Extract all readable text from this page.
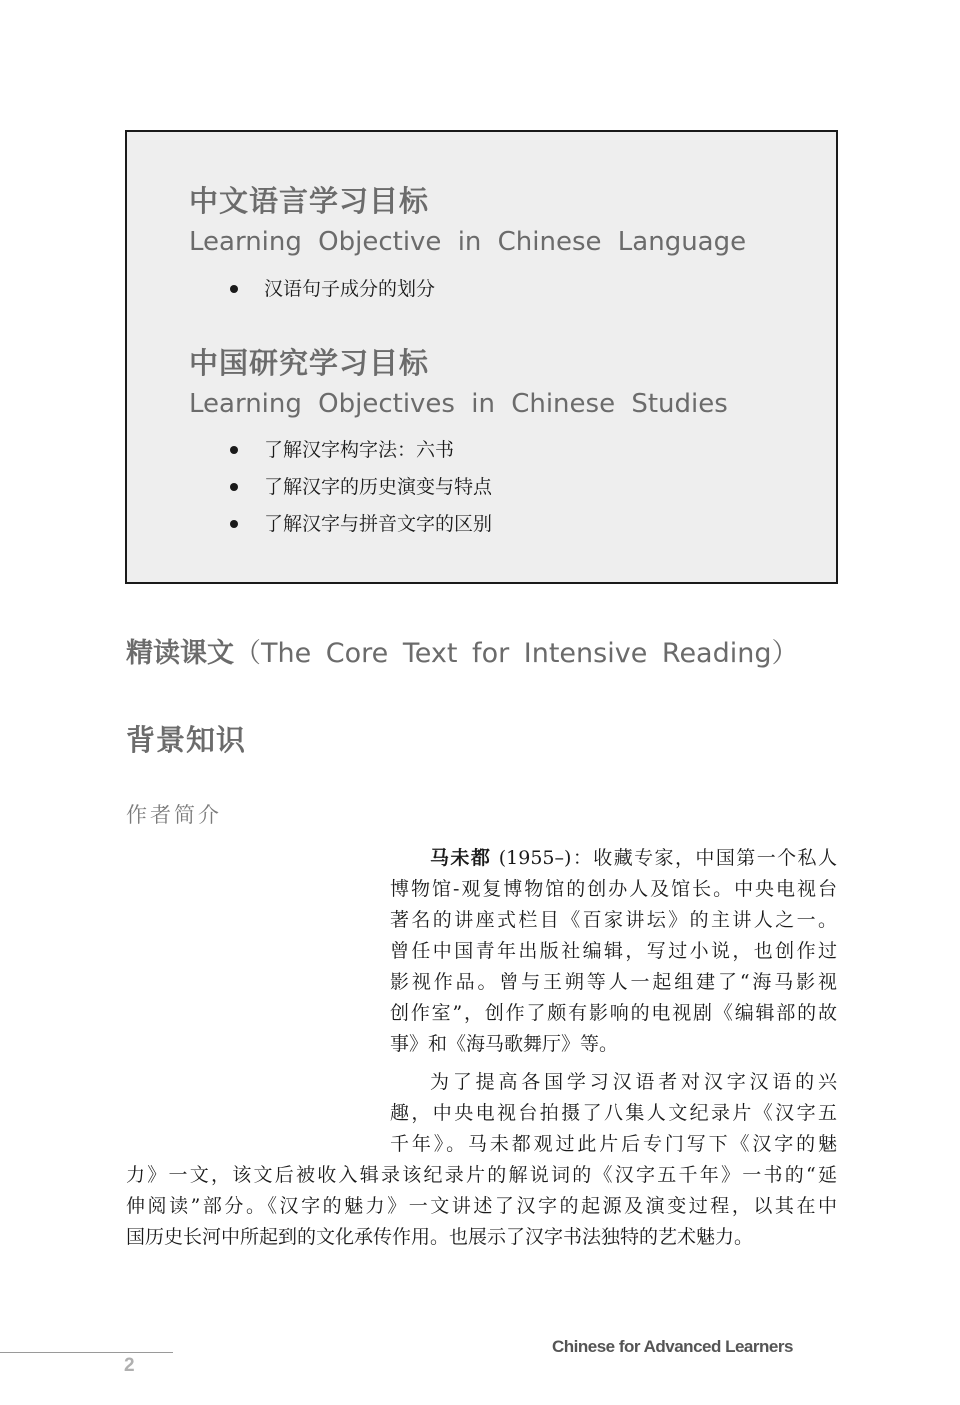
中文语言学习目标
Learning Objective in Chinese Language
汉语句子成分的划分
中国研究学习目标
Learning Objectives in Chinese Studies
了解汉字构字法：六书
了解汉字的历史演变与特点
了解汉字与拼音文字的区别
精读课文（The Core Text for Intensive Reading）
背景知识
作者简介
马未都 (1955–)：收藏专家，中国第一个私人
博物馆-观复博物馆的创办人及馆长。中央电视台
著名的讲座式栏目《百家讲坛》的主讲人之一。
曾任中国青年出版社编辑，写过小说，也创作过
影视作品。曾与王朔等人一起组建了“海马影视
创作室”，创作了颇有影响的电视剧《编辑部的故
事》和《海马歌舞厅》等。
为了提高各国学习汉语者对汉字汉语的兴
趣，中央电视台拍摄了八集人文纪录片《汉字五
千年》。马未都观过此片后专门写下《汉字的魅
力》一文，该文后被收入辑录该纪录片的解说词的《汉字五千年》一书的“延
伸阅读”部分。《汉字的魅力》一文讲述了汉字的起源及演变过程，以其在中
国历史长河中所起到的文化承传作用。也展示了汉字书法独特的艺术魅力。
2
Chinese for Advanced Learners
